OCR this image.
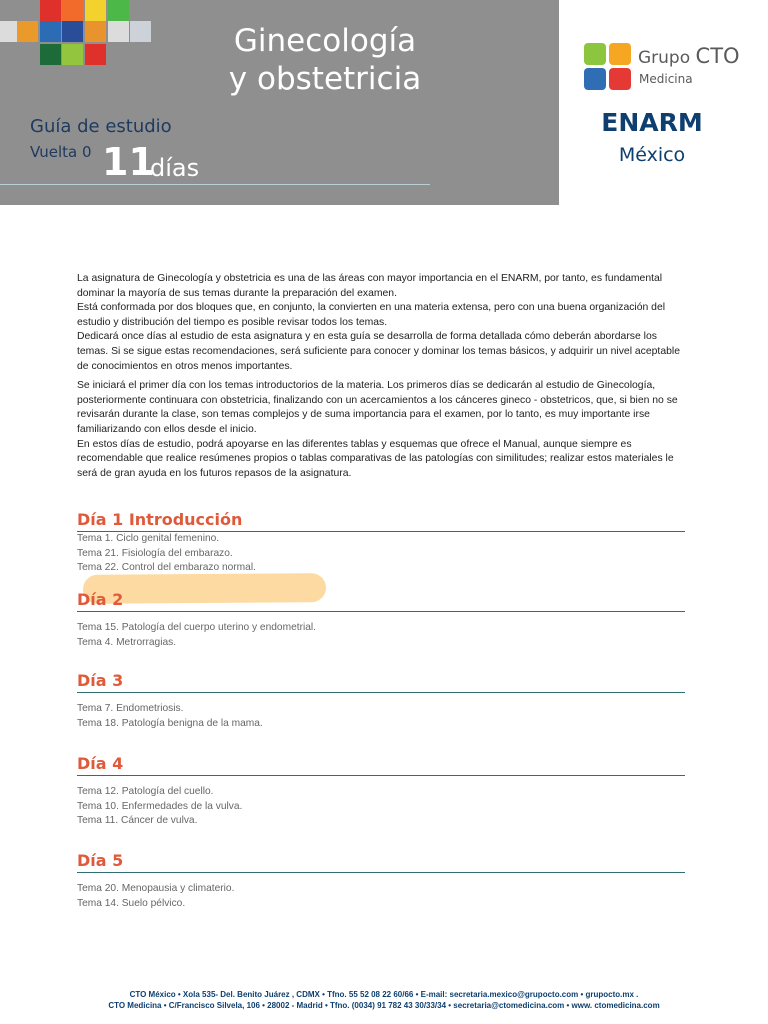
Ginecología
y obstetricia
Guía de estudio
Vuelta 0 11
días
Grupo CTO
Medicina
ENARM
México

La asignatura de Ginecología y obstetricia es una de las áreas con mayor importancia en el ENARM, por tanto, es fundamental dominar la mayoría de sus temas durante la preparación del examen.

Está conformada por dos bloques que, en conjunto, la convierten en una materia extensa, pero con una buena organización del estudio y distribución del tiempo es posible revisar todos los temas.

Dedicará once días al estudio de esta asignatura y en esta guía se desarrolla de forma detallada cómo deberán abordarse los temas. Si se sigue estas recomendaciones, será suficiente para conocer y dominar los temas básicos, y adquirir un nivel aceptable de conocimientos en otros menos importantes.

Se iniciará el primer día con los temas introductorios de la materia. Los primeros días se dedicarán al estudio de Ginecología, posteriormente continuara con obstetricia, finalizando con un acercamientos a los cánceres gineco - obstetricos, que, si bien no se revisarán durante la clase, son temas complejos y de suma importancia para el examen, por lo tanto, es muy importante irse familiarizando con ellos desde el inicio.

En estos días de estudio, podrá apoyarse en las diferentes tablas y esquemas que ofrece el Manual, aunque siempre es recomendable que realice resúmenes propios o tablas comparativas de las patologías con similitudes; realizar estos materiales le será de gran ayuda en los futuros repasos de la asignatura.

Día 1 Introducción
Tema 1. Ciclo genital femenino.
Tema 21. Fisiología del embarazo.
Tema 22. Control del embarazo normal.
Día 2
Tema 15. Patología del cuerpo uterino y endometrial.
Tema 4. Metrorragias.
Día 3
Tema 7. Endometriosis.
Tema 18. Patología benigna de la mama.
Día 4
Tema 12. Patología del cuello.
Tema 10. Enfermedades de la vulva.
Tema 11. Cáncer de vulva.
Día 5
Tema 20. Menopausia y climaterio.
Tema 14. Suelo pélvico.
CTO México • Xola 535- Del. Benito Juárez , CDMX • Tfno. 55 52 08 22 60/66 • E-mail: secretaria.mexico@grupocto.com • grupocto.mx .
CTO Medicina • C/Francisco Silvela, 106 • 28002 - Madrid • Tfno. (0034) 91 782 43 30/33/34 • secretaria@ctomedicina.com • www. ctomedicina.com
